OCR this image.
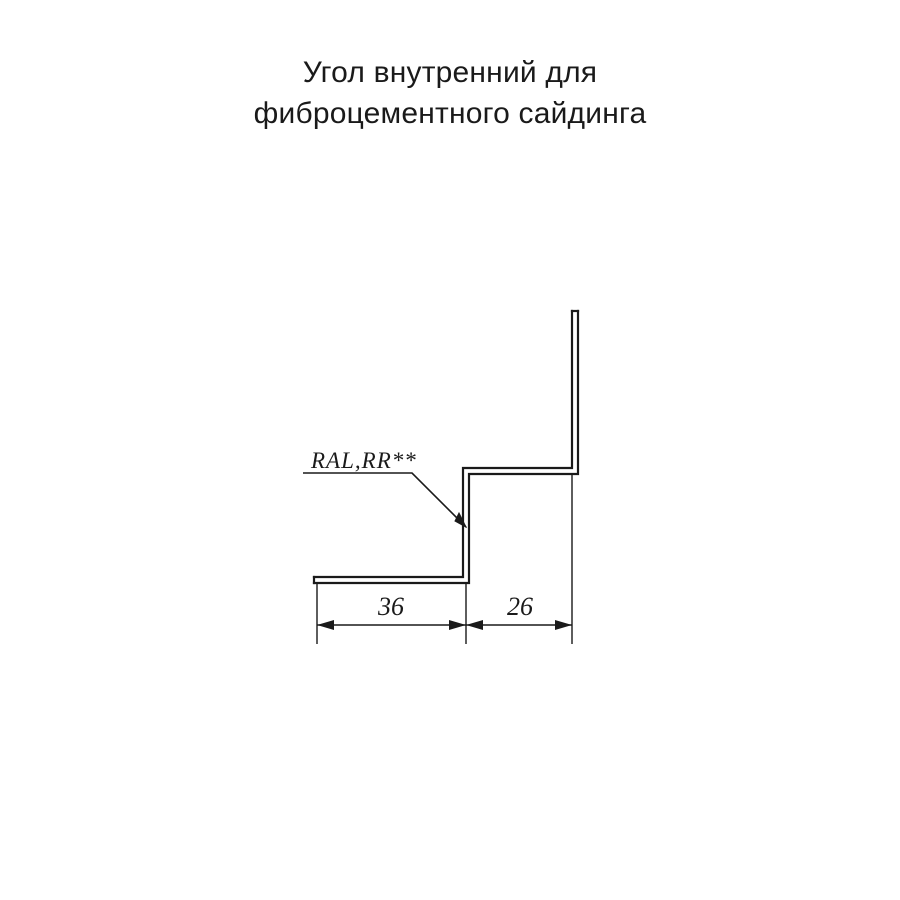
Угол внутренний для
фиброцементного сайдинга
RAL,RR**
36	26
